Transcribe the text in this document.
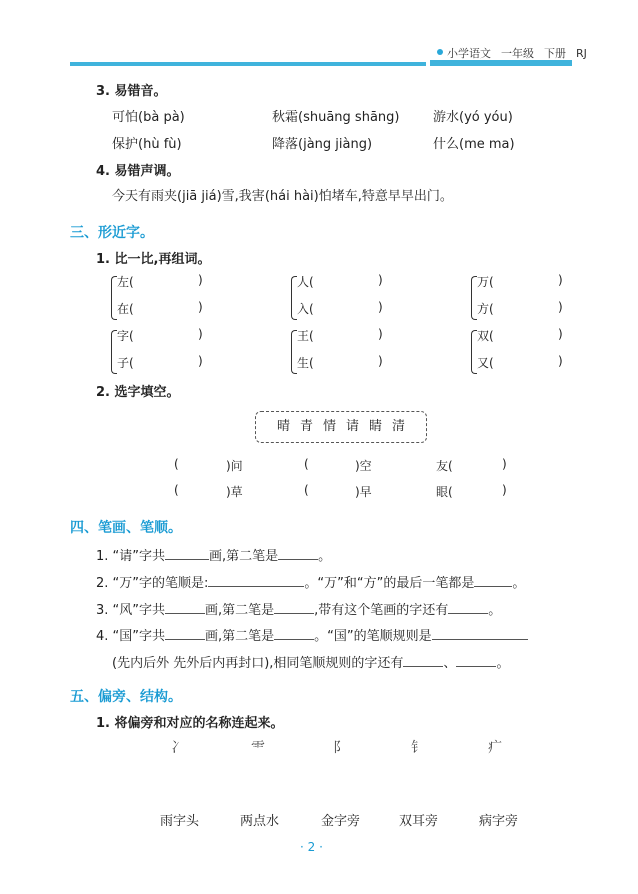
小学语文 一年级 下册 RJ
3. 易错音。
可怕(bà pà)	秋霜(shuāng shāng)	游水(yó yóu)
保护(hù fù)	降落(jàng jiàng)	什么(me ma)
4. 易错声调。
今天有雨夹(jiā jiá)雪,我害(hái hài)怕堵车,特意早早出门。
三、形近字。
1. 比一比,再组词。
左(	)
在(	)
人(	)
入(	)
万(	)
方(	)
字(	)
子(	)
王(	)
生(	)
双(	)
又(	)
2. 选字填空。
晴 青 情 请 睛 清
(	)问	(	)空	友(	)
(	)草	(	)早	眼(	)
四、笔画、笔顺。
1. “请”字共	画,第二笔是	。
2. “万”字的笔顺是:	。“万”和“方”的最后一笔都是	。
3. “风”字共	画,第二笔是	,带有这个笔画的字还有	。
4. “国”字共	画,第二笔是	。“国”的笔顺规则是
(先内后外 先外后内再封口),相同笔顺规则的字还有	、	。
五、偏旁、结构。
1. 将偏旁和对应的名称连起来。
冫	⻗	阝	钅	疒
雨字头	两点水	金字旁	双耳旁	病字旁
· 2 ·
